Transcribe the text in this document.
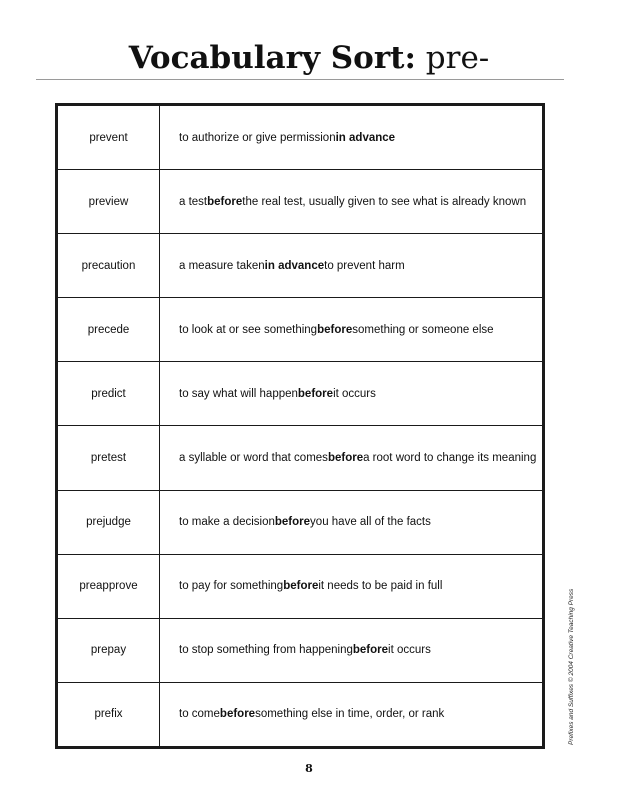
Vocabulary Sort: pre-
prevent	to authorize or give permission in advance
preview	a test before the real test, usually given to see what is already known
precaution	a measure taken in advance to prevent harm
precede	to look at or see something before something or someone else
predict	to say what will happen before it occurs
pretest	a syllable or word that comes before a root word to change its meaning
prejudge	to make a decision before you have all of the facts
preapprove	to pay for something before it needs to be paid in full
prepay	to stop something from happening before it occurs
prefix	to come before something else in time, order, or rank	Prefixes and Suffixes © 2004 Creative Teaching Press
8
